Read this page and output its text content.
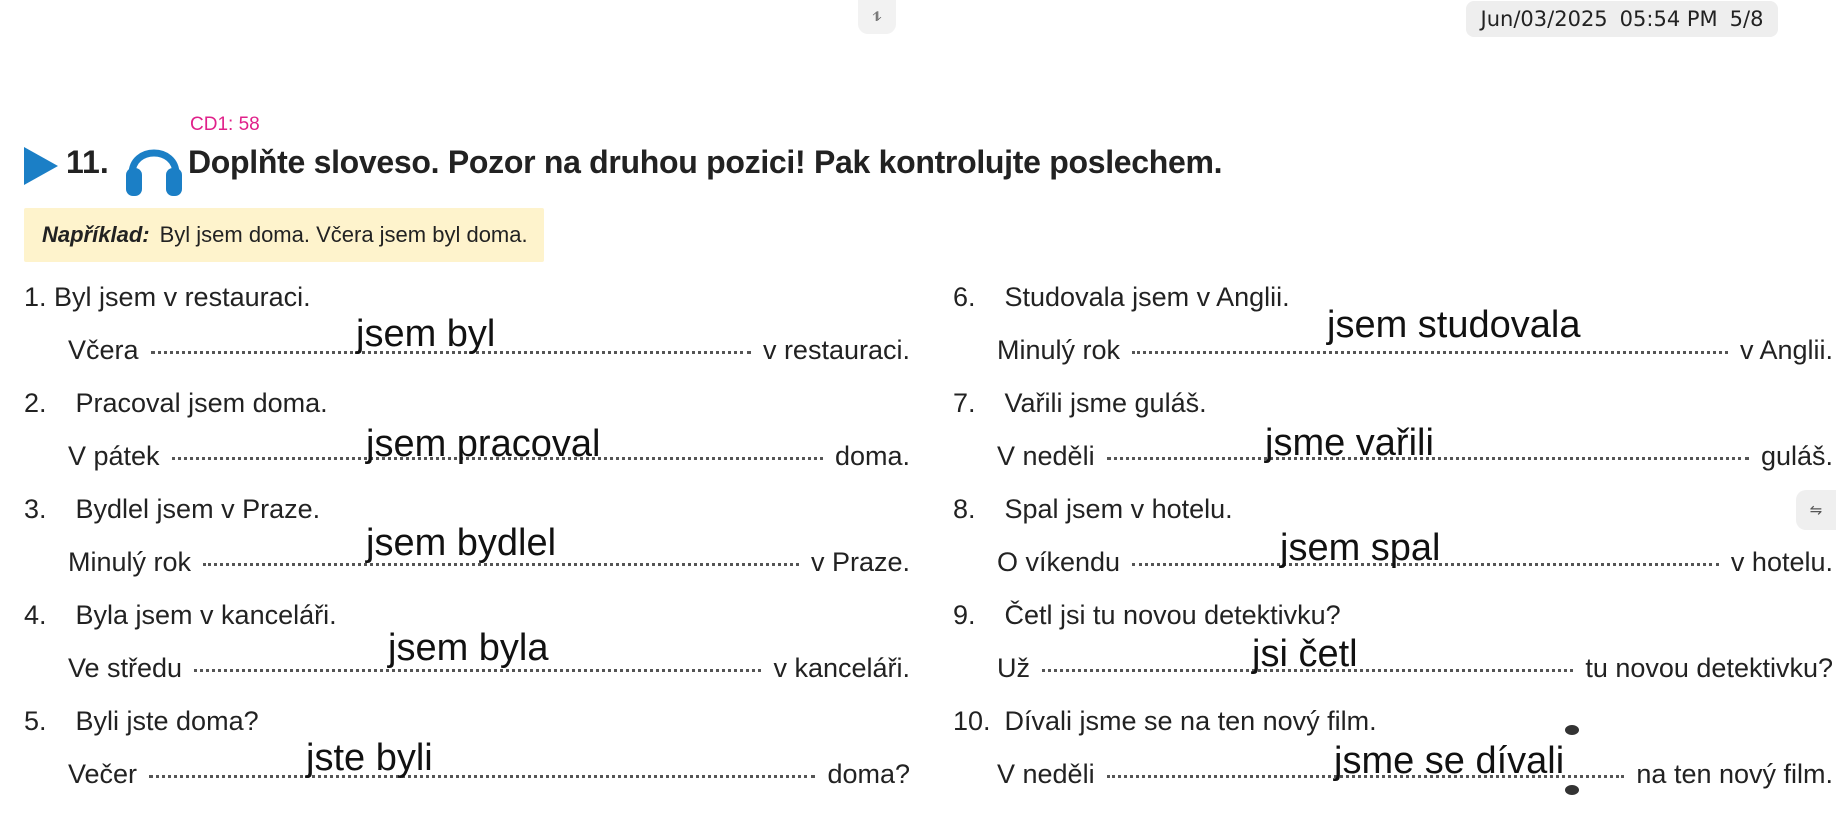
⥮	Jun/03/2025 05:54 PM 5/8
CD1: 58
11. Doplňte sloveso. Pozor na druhou pozici! Pak kontrolujte poslechem.
Například: Byl jsem doma. Včera jsem byl doma.
1. Byl jsem v restauraci.
Včera	v restauraci.
jsem byl
2. Pracoval jsem doma.
V pátek	doma.
jsem pracoval
3. Bydlel jsem v Praze.
Minulý rok	v Praze.
jsem bydlel
4. Byla jsem v kanceláři.
Ve středu	v kanceláři.
jsem byla
5. Byli jste doma?
Večer	doma?
jste byli
6. Studovala jsem v Anglii.
Minulý rok	v Anglii.
jsem studovala
7. Vařili jsme guláš.
V neděli	guláš.
jsme vařili
8. Spal jsem v hotelu.
O víkendu	v hotelu.
jsem spal
9. Četl jsi tu novou detektivku?
Už	tu novou detektivku?
jsi četl
10. Dívali jsme se na ten nový film.
V neděli	na ten nový film.
jsme se dívali
⇋
